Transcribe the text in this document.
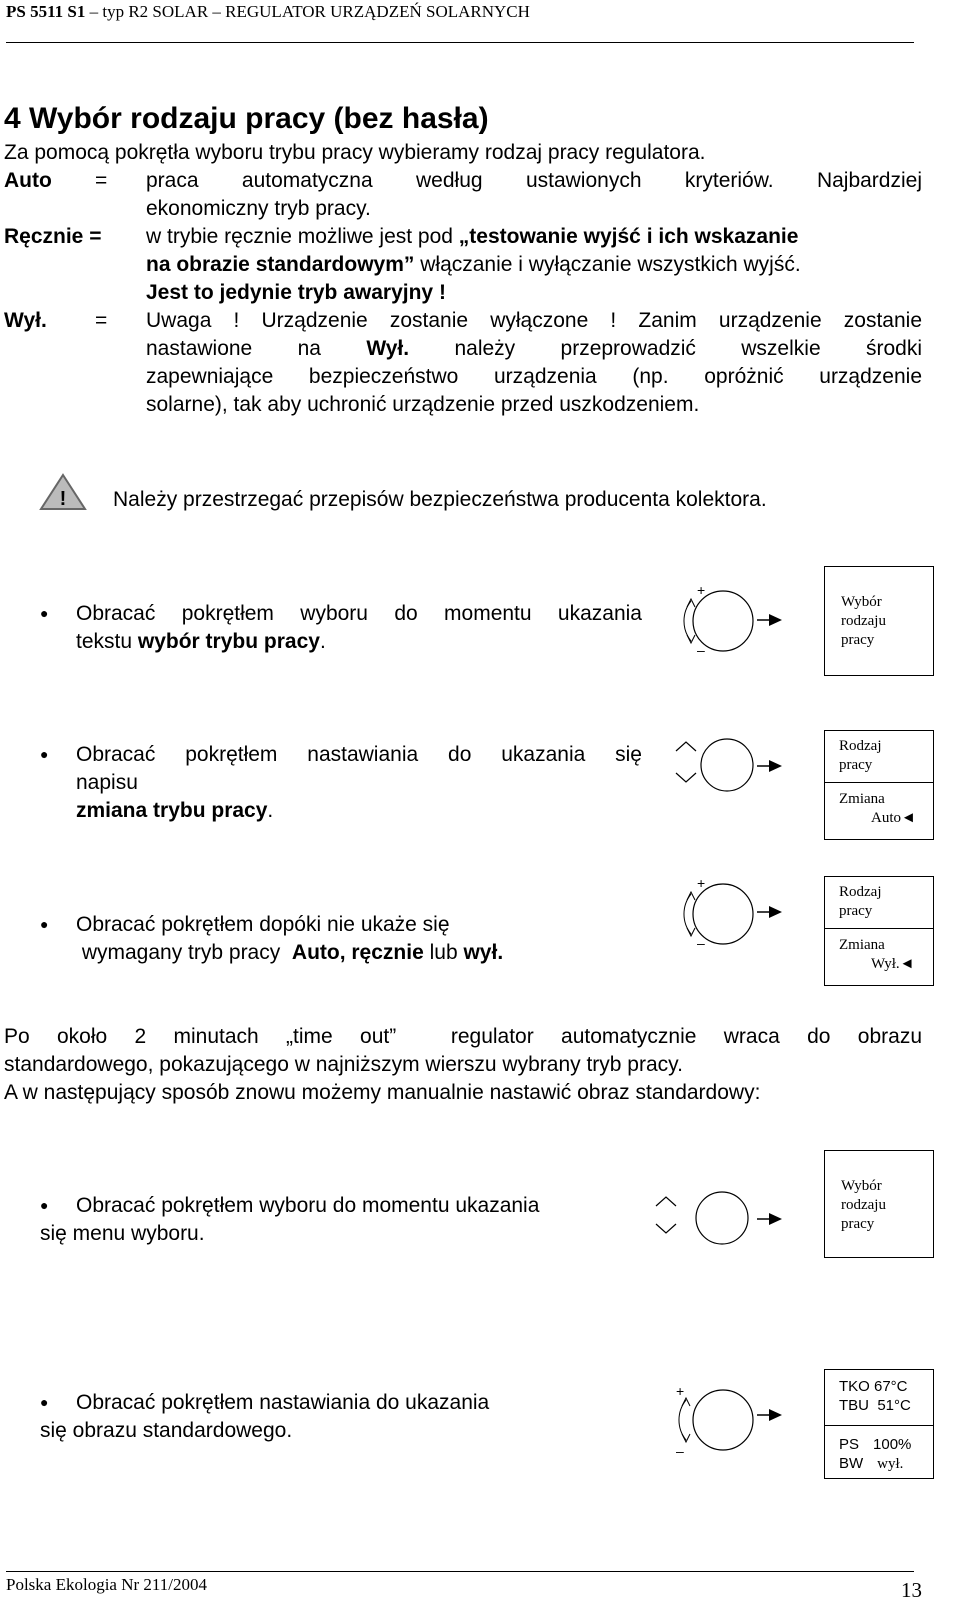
PS 5511 S1 – typ R2 SOLAR – REGULATOR URZĄDZEŃ SOLARNYCH
4 Wybór rodzaju pracy (bez hasła)
Za pomocą pokrętła wyboru trybu pracy wybieramy rodzaj pracy regulatora.
Auto = praca automatyczna według ustawionych kryteriów. Najbardziej
ekonomiczny tryb pracy.
Ręcznie = w trybie ręcznie możliwe jest pod „testowanie wyjść i ich wskazanie
na obrazie standardowym” włączanie i wyłączanie wszystkich wyjść.
Jest to jedynie tryb awaryjny !
Wył. = Uwaga ! Urządzenie zostanie wyłączone ! Zanim urządzenie zostanie
nastawione na Wył. należy przeprowadzić wszelkie środki
zapewniające bezpieczeństwo urządzenia (np. opróżnić urządzenie
solarne), tak aby uchronić urządzenie przed uszkodzeniem.
! Należy przestrzegać przepisów bezpieczeństwa producenta kolektora.
● Obracać pokrętłem wyboru do momentu ukazania
tekstu wybór trybu pracy.
+
–
Wybór
rodzaju
pracy
● Obracać pokrętłem nastawiania do ukazania się
napisu
zmiana trybu pracy.
Rodzaj
pracy
Zmiana
Auto◄
● Obracać pokrętłem dopóki nie ukaże się
wymagany tryb pracy  Auto, ręcznie lub wył.
+
–
Rodzaj
pracy
Zmiana
Wył.◄
Po około 2 minutach „time out”  regulator automatycznie wraca do obrazu
standardowego, pokazującego w najniższym wierszu wybrany tryb pracy.
A w następujący sposób znowu możemy manualnie nastawić obraz standardowy:
●	Obracać pokrętłem wyboru do momentu ukazania
się menu wyboru.
Wybór
rodzaju
pracy
●	Obracać pokrętłem nastawiania do ukazania
się obrazu standardowego.
+
–
TKO 67°C
TBU  51°C
PS 100%
BW wył.
Polska Ekologia Nr 211/2004	13
